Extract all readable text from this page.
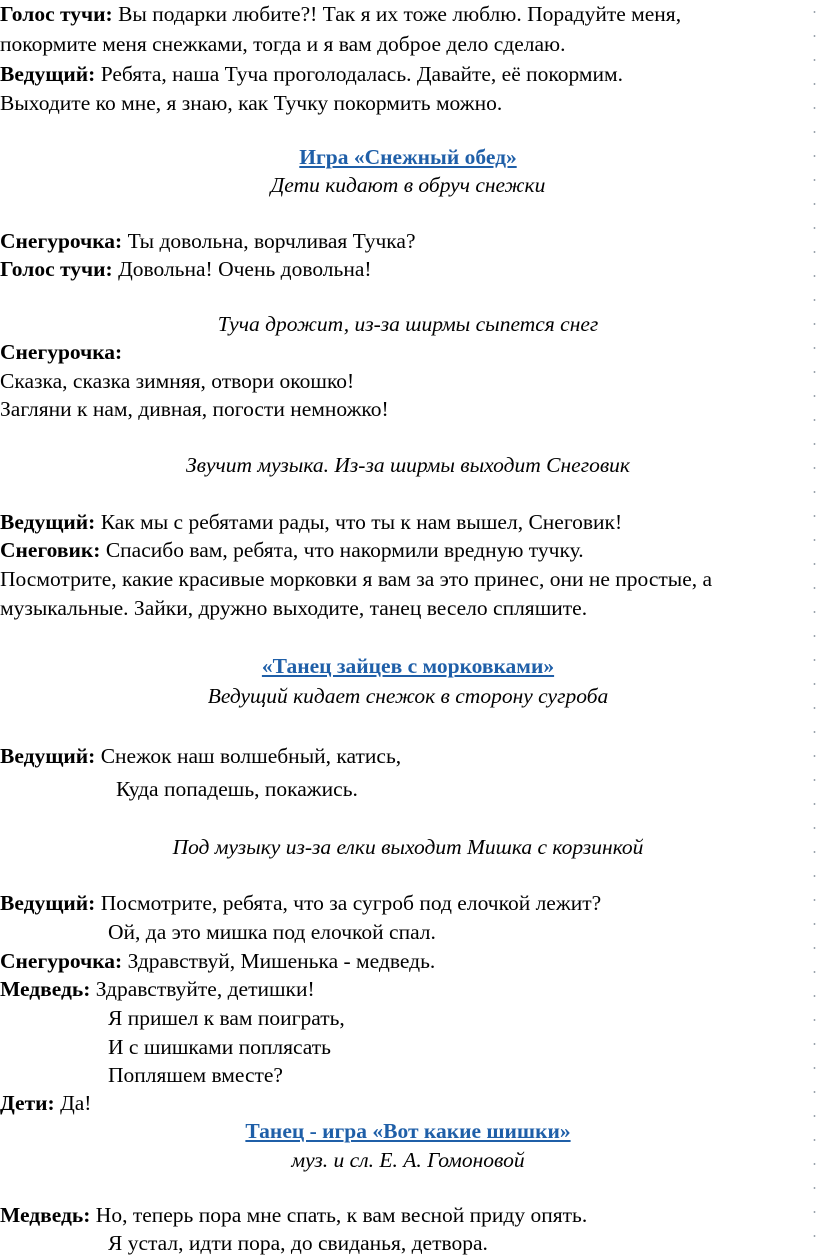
Голос тучи: Вы подарки любите?! Так я их тоже люблю. Порадуйте меня,
покормите меня снежками, тогда и я вам доброе дело сделаю.
Ведущий: Ребята, наша Туча проголодалась. Давайте, её покормим.
Выходите ко мне, я знаю, как Тучку покормить можно.
Игра «Снежный обед»
Дети кидают в обруч снежки
Снегурочка: Ты довольна, ворчливая Тучка?
Голос тучи: Довольна! Очень довольна!
Туча дрожит, из-за ширмы сыпется снег
Снегурочка:
Сказка, сказка зимняя, отвори окошко!
Загляни к нам, дивная, погости немножко!
Звучит музыка. Из-за ширмы выходит Снеговик
Ведущий: Как мы с ребятами рады, что ты к нам вышел, Снеговик!
Снеговик: Спасибо вам, ребята, что накормили вредную тучку.
Посмотрите, какие красивые морковки я вам за это принес, они не простые, а
музыкальные. Зайки, дружно выходите, танец весело спляшите.
«Танец зайцев с морковками»
Ведущий кидает снежок в сторону сугроба
Ведущий: Снежок наш волшебный, катись,
Куда попадешь, покажись.
Под музыку из-за елки выходит Мишка с корзинкой
Ведущий: Посмотрите, ребята, что за сугроб под елочкой лежит?
Ой, да это мишка под елочкой спал.
Снегурочка: Здравствуй, Мишенька - медведь.
Медведь: Здравствуйте, детишки!
Я пришел к вам поиграть,
И с шишками поплясать
Попляшем вместе?
Дети: Да!
Танец - игра «Вот какие шишки»
муз. и сл. Е. А. Гомоновой
Медведь: Но, теперь пора мне спать, к вам весной приду опять.
Я устал, идти пора, до свиданья, детвора.
